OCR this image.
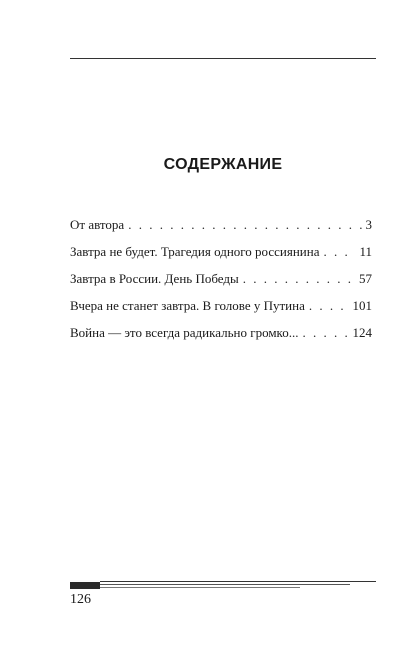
СОДЕРЖАНИЕ
От автора . . .	3
Завтра не будет. Трагедия одного россиянина . . .	11
Завтра в России. День Победы . . .	57
Вчера не станет завтра. В голове у Путина . . .	101
Война — это всегда радикально громко... . . .	124
126
